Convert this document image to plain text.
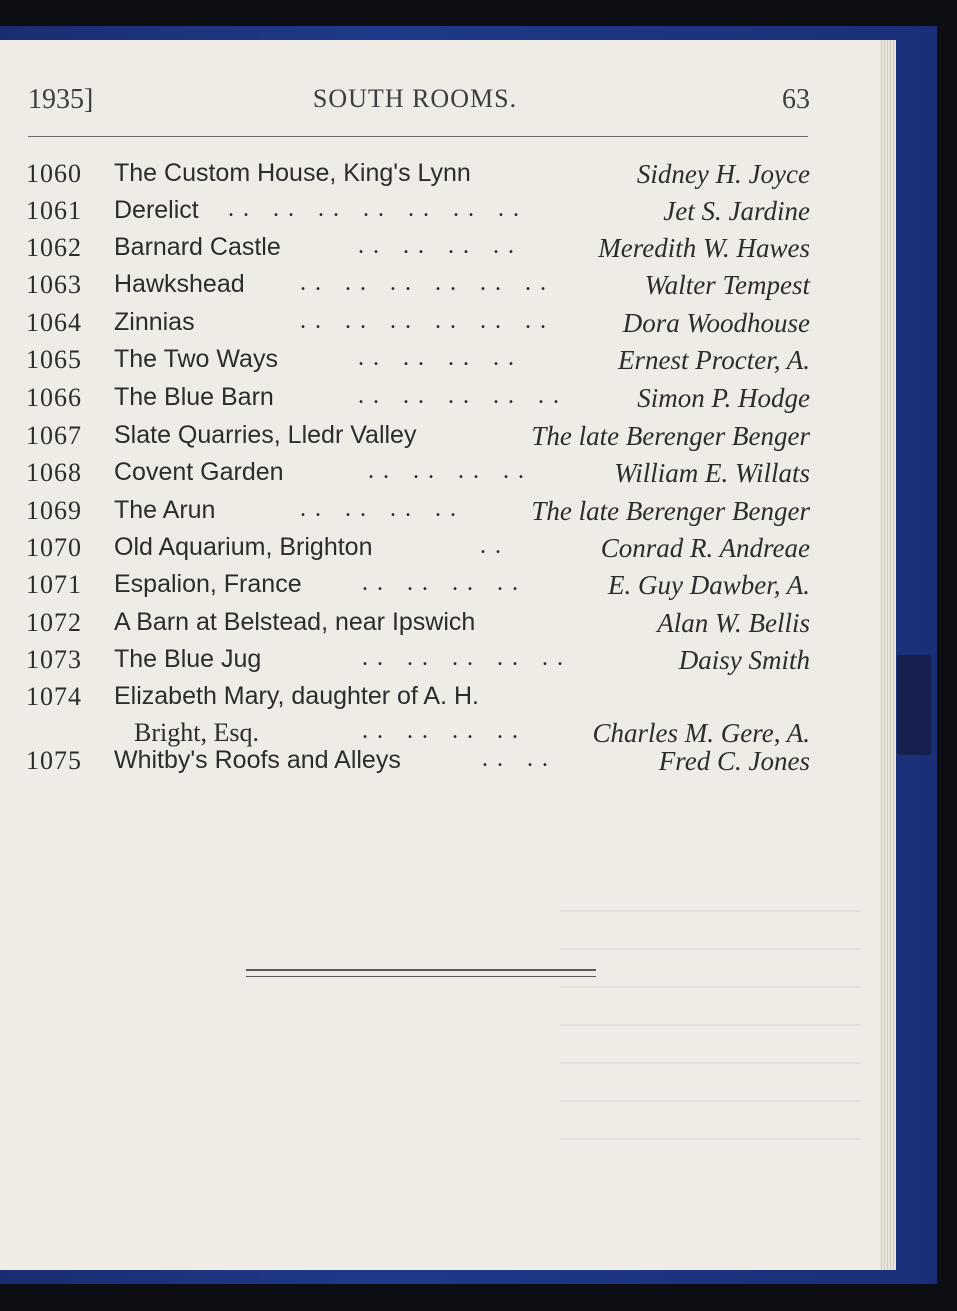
1935]	SOUTH ROOMS.	63
1060 The Custom House, King's Lynn	Sidney H. Joyce
1061 Derelict .. .. .. .. .. .. ..	Jet S. Jardine
1062 Barnard Castle	.. .. .. ..	Meredith W. Hawes
1063 Hawkshead .. .. .. .. .. ..	Walter Tempest
1064 Zinnias	.. .. .. .. .. ..	Dora Woodhouse
1065 The Two Ways	.. .. .. ..	Ernest Procter, A.
1066 The Blue Barn	.. .. .. .. ..	Simon P. Hodge
1067 Slate Quarries, Lledr Valley	The late Berenger Benger
1068 Covent Garden	.. .. .. ..	William E. Willats
1069 The Arun	.. .. .. .. The late Berenger Benger
1070 Old Aquarium, Brighton	..	Conrad R. Andreae
1071 Espalion, France	.. .. .. ..	E. Guy Dawber, A.
1072 A Barn at Belstead, near Ipswich	Alan W. Bellis
1073 The Blue Jug	.. .. .. .. ..	Daisy Smith
1074 Elizabeth Mary, daughter of A. H.
Bright, Esq.	.. .. .. .. Charles M. Gere, A.
1075 Whitby's Roofs and Alleys	.. ..	Fred C. Jones
